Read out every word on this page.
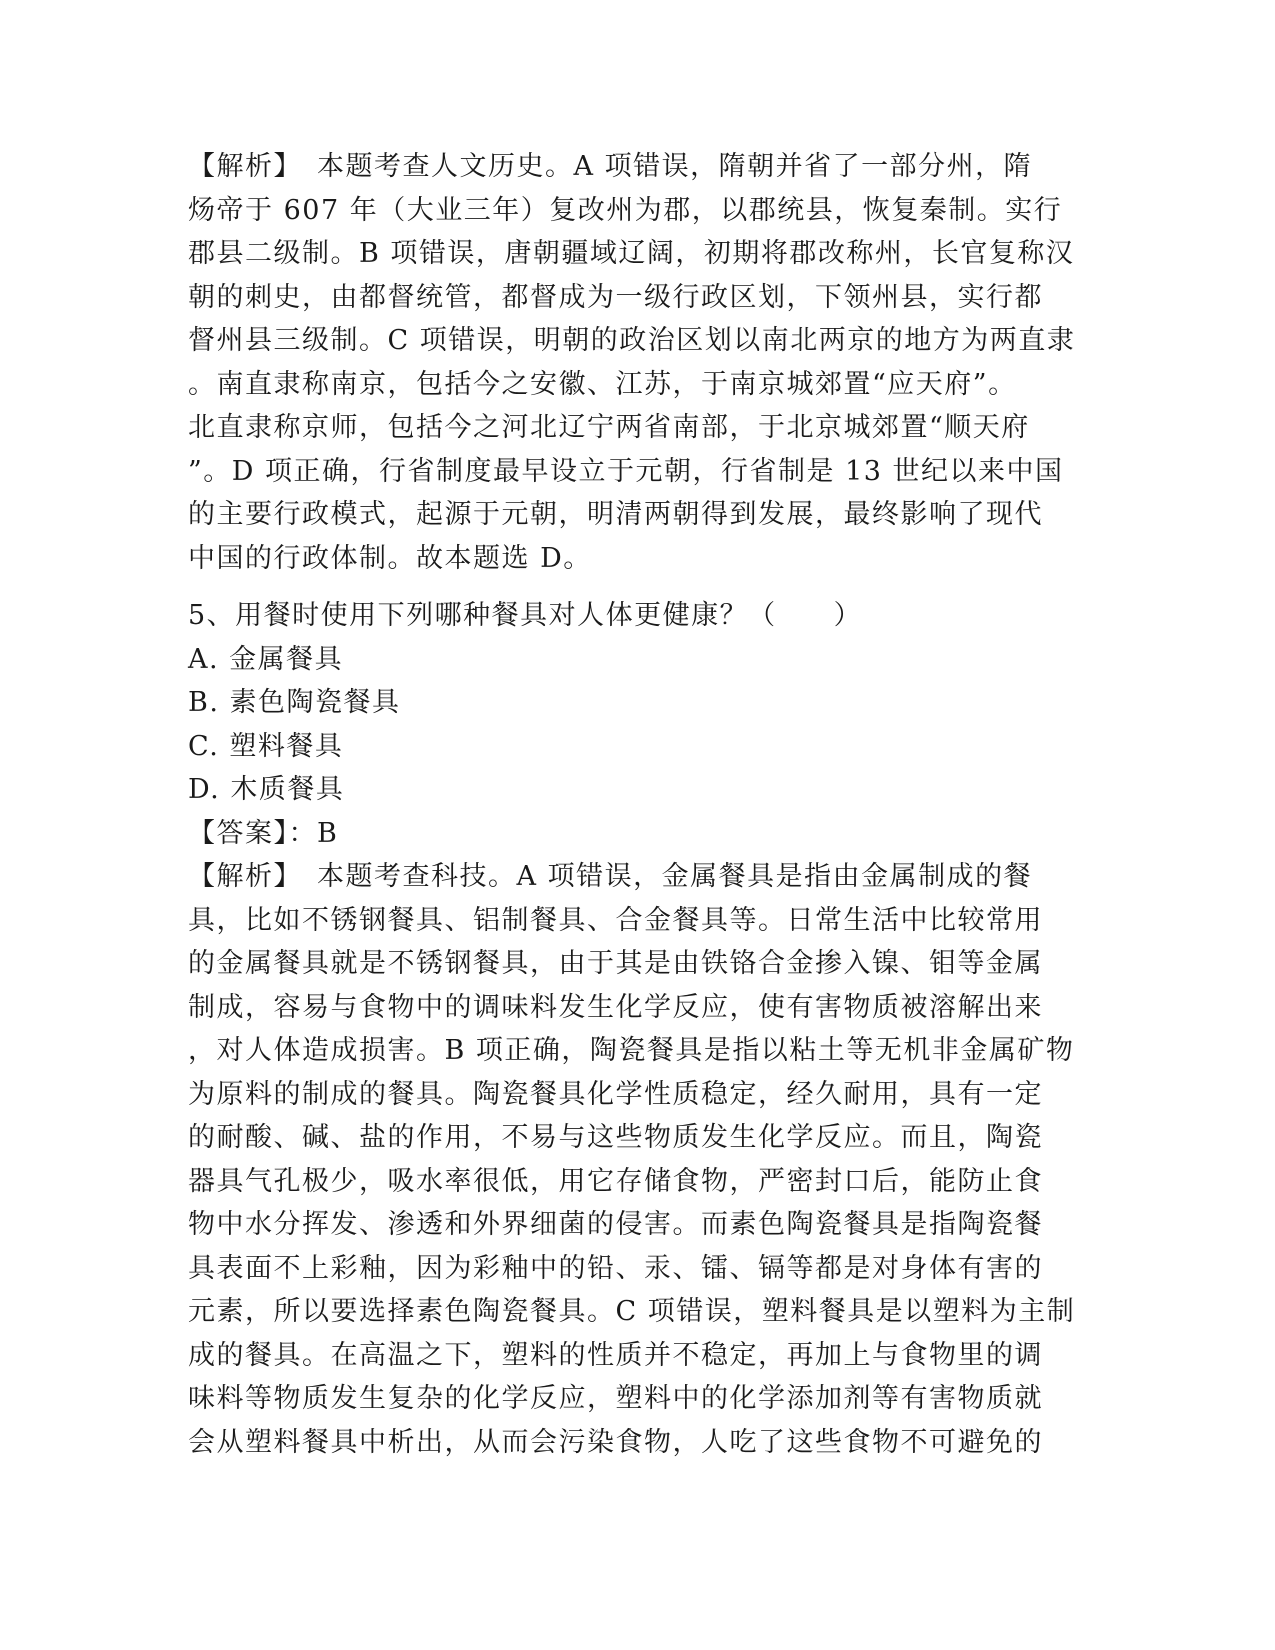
【解析】　本题考查人文历史。A 项错误，隋朝并省了一部分州，隋
炀帝于 607 年（大业三年）复改州为郡，以郡统县，恢复秦制。实行
郡县二级制。B 项错误，唐朝疆域辽阔，初期将郡改称州，长官复称汉
朝的刺史，由都督统管，都督成为一级行政区划，下领州县，实行都
督州县三级制。C 项错误，明朝的政治区划以南北两京的地方为两直隶
。南直隶称南京，包括今之安徽、江苏，于南京城郊置“应天府”。
北直隶称京师，包括今之河北辽宁两省南部，于北京城郊置“顺天府
”。D 项正确，行省制度最早设立于元朝，行省制是 13 世纪以来中国
的主要行政模式，起源于元朝，明清两朝得到发展，最终影响了现代
中国的行政体制。故本题选 D。
5、用餐时使用下列哪种餐具对人体更健康？（　　）
A. 金属餐具
B. 素色陶瓷餐具
C. 塑料餐具
D. 木质餐具
【答案】：B
【解析】　本题考查科技。A 项错误，金属餐具是指由金属制成的餐
具，比如不锈钢餐具、铝制餐具、合金餐具等。日常生活中比较常用
的金属餐具就是不锈钢餐具，由于其是由铁铬合金掺入镍、钼等金属
制成，容易与食物中的调味料发生化学反应，使有害物质被溶解出来
，对人体造成损害。B 项正确，陶瓷餐具是指以粘土等无机非金属矿物
为原料的制成的餐具。陶瓷餐具化学性质稳定，经久耐用，具有一定
的耐酸、碱、盐的作用，不易与这些物质发生化学反应。而且，陶瓷
器具气孔极少，吸水率很低，用它存储食物，严密封口后，能防止食
物中水分挥发、渗透和外界细菌的侵害。而素色陶瓷餐具是指陶瓷餐
具表面不上彩釉，因为彩釉中的铅、汞、镭、镉等都是对身体有害的
元素，所以要选择素色陶瓷餐具。C 项错误，塑料餐具是以塑料为主制
成的餐具。在高温之下，塑料的性质并不稳定，再加上与食物里的调
味料等物质发生复杂的化学反应，塑料中的化学添加剂等有害物质就
会从塑料餐具中析出，从而会污染食物，人吃了这些食物不可避免的
